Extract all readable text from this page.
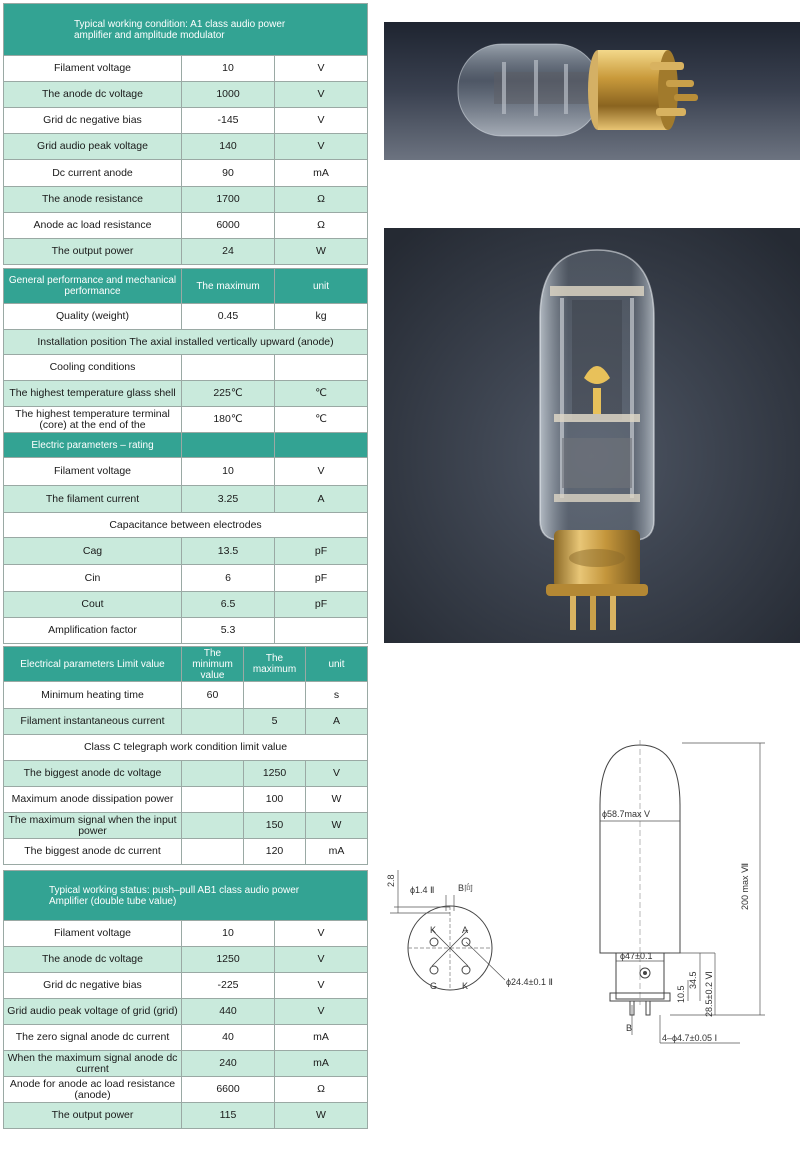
Typical working condition: A1 class audio power amplifier and amplitude modulator		
Filament voltage	10	V
The anode dc voltage	1000	V
Grid dc negative bias	-145	V
Grid audio peak voltage	140	V
Dc current anode	90	mA
The anode resistance	1700	Ω
Anode ac load resistance	6000	Ω
The output power	24	W
General performance and mechanical performance	The maximum	unit
Quality (weight)	0.45	kg
Installation position The axial installed vertically upward (anode)		
Cooling conditions		
The highest temperature glass shell	225℃	℃
The highest temperature terminal (core) at the end of the	180℃	℃
Electric parameters – rating		
Filament voltage	10	V
The filament current	3.25	A
Capacitance between electrodes		
Cag	13.5	pF
Cin	6	pF
Cout	6.5	pF
Amplification factor	5.3	
Electrical parameters Limit value	The minimum value	The maximum	unit
Minimum heating time	60		s
Filament instantaneous current		5	A
Class C telegraph work condition limit value			
The biggest anode dc voltage		1250	V
Maximum anode dissipation power		100	W
The maximum signal when the input power		150	W
The biggest anode dc current		120	mA
Typical working status: push–pull AB1 class audio power Amplifier (double tube value)		
Filament voltage	10	V
The anode dc voltage	1250	V
Grid dc negative bias	-225	V
Grid audio peak voltage of grid (grid)	440	V
The zero signal anode dc current	40	mA
When the maximum signal anode dc current	240	mA
Anode for anode ac load resistance (anode)	6600	Ω
The output power	115	W
K	A
G	K
2.8
ϕ1.4 Ⅱ	B向
ϕ24.4±0.1 Ⅱ
ϕ58.7max V
ϕ47±0.1
200 max Ⅶ
34.5
10.5 28.5±0.2 Ⅵ
B
4–ϕ4.7±0.05 Ⅰ
